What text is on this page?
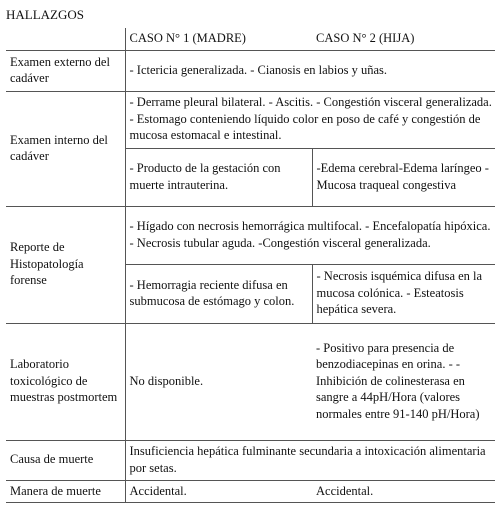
HALLAZGOS
	CASO N° 1 (MADRE)	CASO N° 2 (HIJA)
Examen externo del cadáver	- Ictericia generalizada. - Cianosis en labios y uñas.	
Examen interno del cadáver	- Derrame pleural bilateral. - Ascitis. - Congestión visceral generalizada. - Estomago conteniendo líquido color en poso de café y congestión de mucosa estomacal e intestinal.	
	- Producto de la gestación con muerte intrauterina.	-Edema cerebral-Edema laríngeo -Mucosa traqueal congestiva
Reporte de Histopatología forense	- Hígado con necrosis hemorrágica multifocal. - Encefalopatía hipóxica. - Necrosis tubular aguda. -Congestión visceral generalizada.	
	- Hemorragia reciente difusa en submucosa de estómago y colon.	- Necrosis isquémica difusa en la mucosa colónica. - Esteatosis hepática severa.
Laboratorio toxicológico de muestras postmortem	No disponible.	- Positivo para presencia de benzodiacepinas en orina. - -Inhibición de colinesterasa en sangre a 44pH/Hora (valores normales entre 91-140 pH/Hora)
Causa de muerte	Insuficiencia hepática fulminante secundaria a intoxicación alimentaria por setas.	
Manera de muerte	Accidental.	Accidental.
